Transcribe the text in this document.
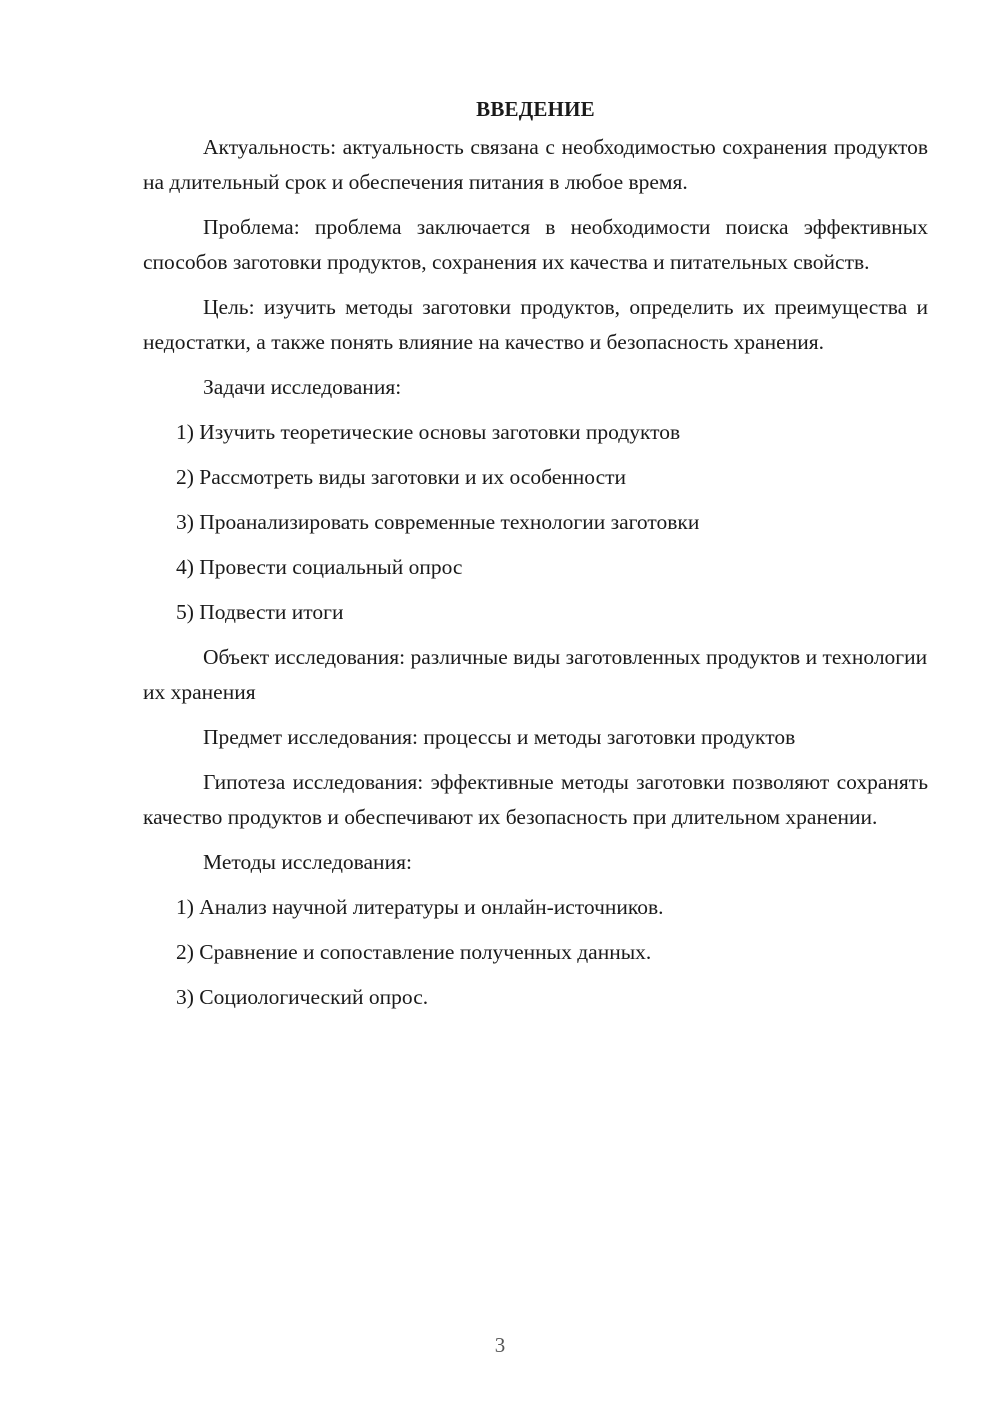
ВВЕДЕНИЕ

Актуальность: актуальность связана с необходимостью сохранения продуктов на длительный срок и обеспечения питания в любое время.

Проблема: проблема заключается в необходимости поиска эффективных способов заготовки продуктов, сохранения их качества и питательных свойств.

Цель: изучить методы заготовки продуктов, определить их преимущества и недостатки, а также понять влияние на качество и безопасность хранения.

Задачи исследования:

1) Изучить теоретические основы заготовки продуктов
2) Рассмотреть виды заготовки и их особенности
3) Проанализировать современные технологии заготовки
4) Провести социальный опрос
5) Подвести итоги

Объект исследования: различные виды заготовленных продуктов и технологии их хранения

Предмет исследования: процессы и методы заготовки продуктов

Гипотеза исследования: эффективные методы заготовки позволяют сохранять качество продуктов и обеспечивают их безопасность при длительном хранении.

Методы исследования:

1) Анализ научной литературы и онлайн-источников.
2) Сравнение и сопоставление полученных данных.
3) Социологический опрос.
3
